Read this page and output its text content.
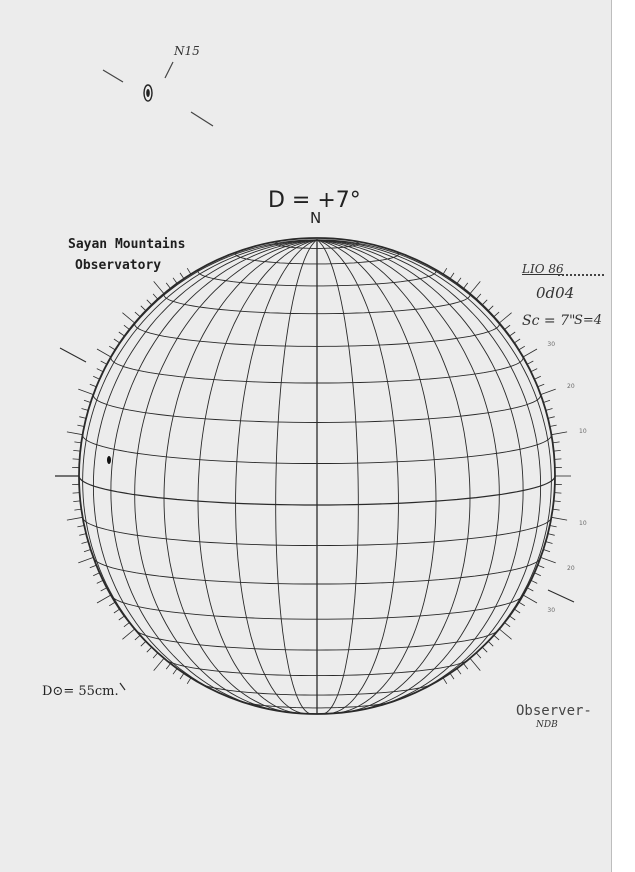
N15
D = +7°
N
Sayan Mountains
Observatory	LIO 86
0d04
Sc = 7"
S=4
D⊙= 55cm.
Observer-
NDB
30
20
10
10
20
30
